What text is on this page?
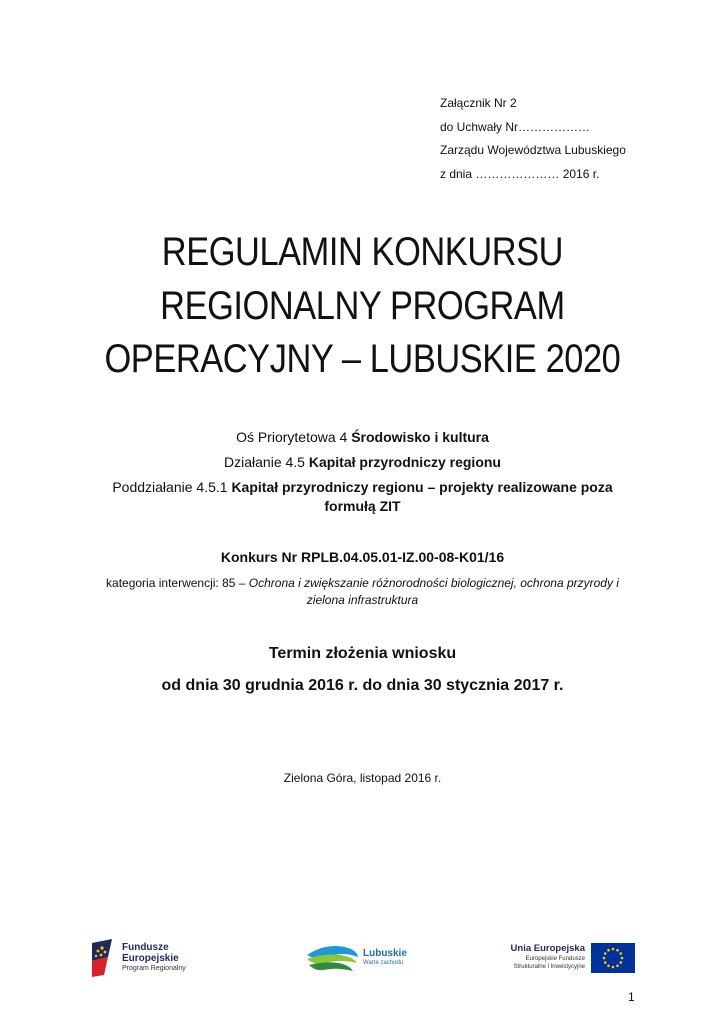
Załącznik Nr 2
do Uchwały Nr………………
Zarządu Województwa Lubuskiego
z dnia ………………… 2016 r.
REGULAMIN KONKURSU
REGIONALNY PROGRAM
OPERACYJNY – LUBUSKIE 2020
Oś Priorytetowa 4 Środowisko i kultura
Działanie 4.5 Kapitał przyrodniczy regionu
Poddziałanie 4.5.1 Kapitał przyrodniczy regionu – projekty realizowane poza formułą ZIT
Konkurs Nr RPLB.04.05.01-IZ.00-08-K01/16
kategoria interwencji: 85 – Ochrona i zwiększanie różnorodności biologicznej, ochrona przyrody i zielona infrastruktura
Termin złożenia wniosku
od dnia 30 grudnia 2016 r. do dnia 30 stycznia 2017 r.
Zielona Góra, listopad 2016 r.
Fundusze
Europejskie
Program Regionalny
Lubuskie
Warte zachodu
Unia Europejska
Europejskie Fundusze
Strukturalne i Inwestycyjne
1
